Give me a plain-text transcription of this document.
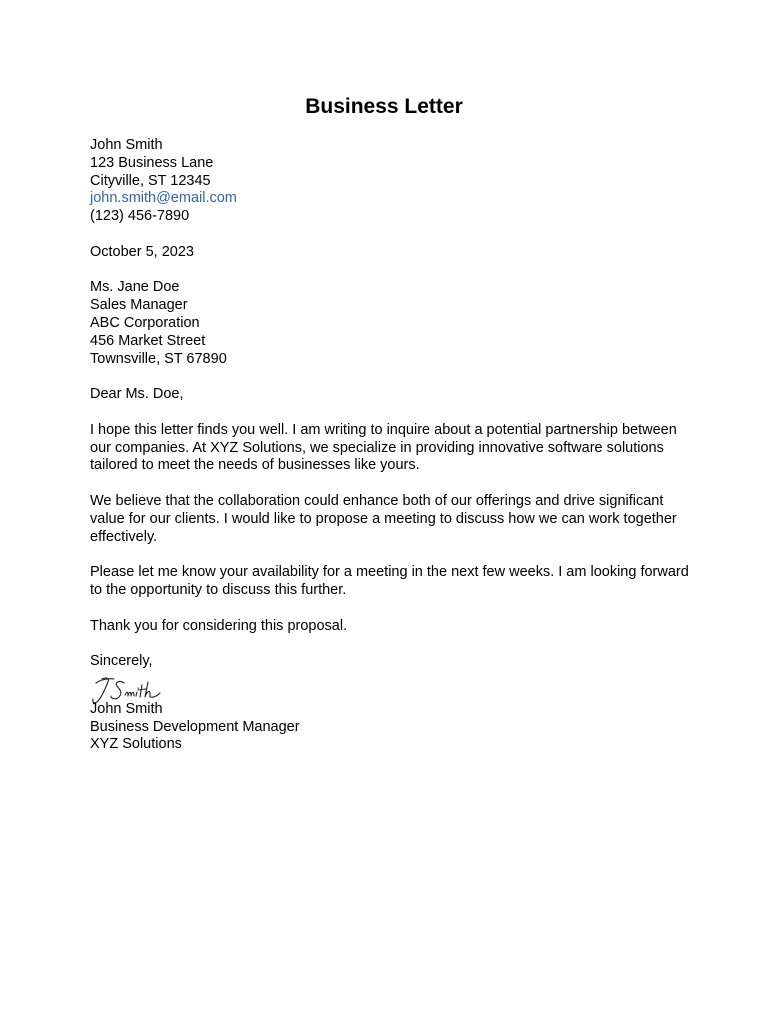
Business Letter
John Smith
123 Business Lane
Cityville, ST 12345
john.smith@email.com
(123) 456-7890
October 5, 2023
Ms. Jane Doe
Sales Manager
ABC Corporation
456 Market Street
Townsville, ST 67890
Dear Ms. Doe,

I hope this letter finds you well. I am writing to inquire about a potential partnership between our companies. At XYZ Solutions, we specialize in providing innovative software solutions tailored to meet the needs of businesses like yours.

We believe that the collaboration could enhance both of our offerings and drive significant value for our clients. I would like to propose a meeting to discuss how we can work together effectively.

Please let me know your availability for a meeting in the next few weeks. I am looking forward to the opportunity to discuss this further.

Thank you for considering this proposal.

Sincerely,
John Smith
Business Development Manager
XYZ Solutions
